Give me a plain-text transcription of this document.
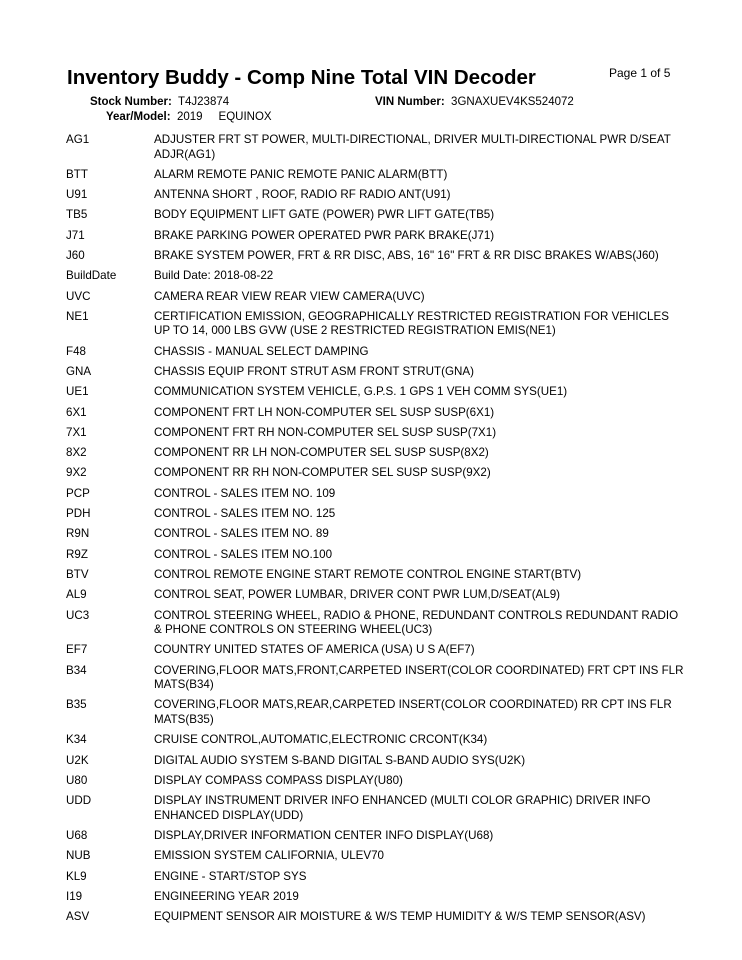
Inventory Buddy - Comp Nine Total VIN Decoder	Page 1 of 5
Stock Number: T4J23874	VIN Number: 3GNAXUEV4KS524072
Year/Model: 2019 EQUINOX
AG1	ADJUSTER FRT ST POWER, MULTI-DIRECTIONAL, DRIVER MULTI-DIRECTIONAL PWR D/SEAT ADJR(AG1)
BTT	ALARM REMOTE PANIC REMOTE PANIC ALARM(BTT)
U91	ANTENNA SHORT , ROOF, RADIO RF RADIO ANT(U91)
TB5	BODY EQUIPMENT LIFT GATE (POWER) PWR LIFT GATE(TB5)
J71	BRAKE PARKING POWER OPERATED PWR PARK BRAKE(J71)
J60	BRAKE SYSTEM POWER, FRT & RR DISC, ABS, 16" 16" FRT & RR DISC BRAKES W/ABS(J60)
BuildDate	Build Date: 2018-08-22
UVC	CAMERA REAR VIEW REAR VIEW CAMERA(UVC)
NE1	CERTIFICATION EMISSION, GEOGRAPHICALLY RESTRICTED REGISTRATION FOR VEHICLES UP TO 14, 000 LBS GVW (USE 2 RESTRICTED REGISTRATION EMIS(NE1)
F48	CHASSIS - MANUAL SELECT DAMPING
GNA	CHASSIS EQUIP FRONT STRUT ASM FRONT STRUT(GNA)
UE1	COMMUNICATION SYSTEM VEHICLE, G.P.S. 1 GPS 1 VEH COMM SYS(UE1)
6X1	COMPONENT FRT LH NON-COMPUTER SEL SUSP SUSP(6X1)
7X1	COMPONENT FRT RH NON-COMPUTER SEL SUSP SUSP(7X1)
8X2	COMPONENT RR LH NON-COMPUTER SEL SUSP SUSP(8X2)
9X2	COMPONENT RR RH NON-COMPUTER SEL SUSP SUSP(9X2)
PCP	CONTROL - SALES ITEM NO. 109
PDH	CONTROL - SALES ITEM NO. 125
R9N	CONTROL - SALES ITEM NO. 89
R9Z	CONTROL - SALES ITEM NO.100
BTV	CONTROL REMOTE ENGINE START REMOTE CONTROL ENGINE START(BTV)
AL9	CONTROL SEAT, POWER LUMBAR, DRIVER CONT PWR LUM,D/SEAT(AL9)
UC3	CONTROL STEERING WHEEL, RADIO & PHONE, REDUNDANT CONTROLS REDUNDANT RADIO & PHONE CONTROLS ON STEERING WHEEL(UC3)
EF7	COUNTRY UNITED STATES OF AMERICA (USA) U S A(EF7)
B34	COVERING,FLOOR MATS,FRONT,CARPETED INSERT(COLOR COORDINATED) FRT CPT INS FLR MATS(B34)
B35	COVERING,FLOOR MATS,REAR,CARPETED INSERT(COLOR COORDINATED) RR CPT INS FLR MATS(B35)
K34	CRUISE CONTROL,AUTOMATIC,ELECTRONIC CRCONT(K34)
U2K	DIGITAL AUDIO SYSTEM S-BAND DIGITAL S-BAND AUDIO SYS(U2K)
U80	DISPLAY COMPASS COMPASS DISPLAY(U80)
UDD	DISPLAY INSTRUMENT DRIVER INFO ENHANCED (MULTI COLOR GRAPHIC) DRIVER INFO ENHANCED DISPLAY(UDD)
U68	DISPLAY,DRIVER INFORMATION CENTER INFO DISPLAY(U68)
NUB	EMISSION SYSTEM CALIFORNIA, ULEV70
KL9	ENGINE - START/STOP SYS
I19	ENGINEERING YEAR 2019
ASV	EQUIPMENT SENSOR AIR MOISTURE & W/S TEMP HUMIDITY & W/S TEMP SENSOR(ASV)
